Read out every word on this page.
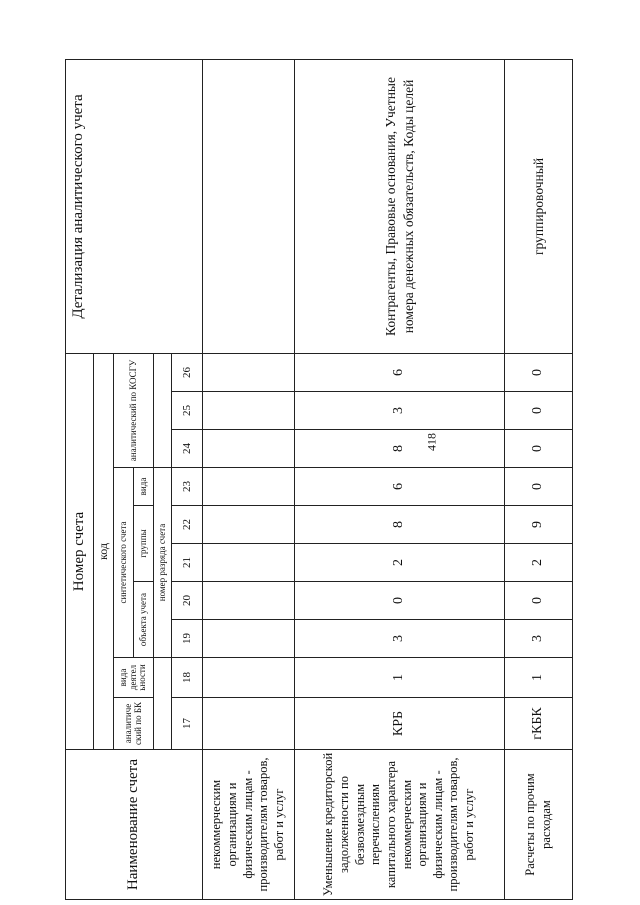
418
Наименование счета	Номер счета										Детализация аналитического учета
	код										
	аналитиче ский по БК	вида деятел ьности	синтетического счета					аналитический по КОСГУ			
			объекта учета		группы		вида				
			номер разряда счета								
	17	18	19	20	21	22	23	24	25	26	
некоммерческим организациям и физическим лицам - производителям товаров, работ и услуг											
Уменьшение кредиторской задолженности по безвозмездным перечислениям капитального характера некоммерческим организациям и физическим лицам - производителям товаров, работ и услуг	КРБ	1	3	0	2	8	6	8	3	6	Контрагенты, Правовые основания, Учетные номера денежных обязательств, Коды целей
Расчеты по прочим расходам	гКБК	1	3	0	2	9	0	0	0	0	группировочный
